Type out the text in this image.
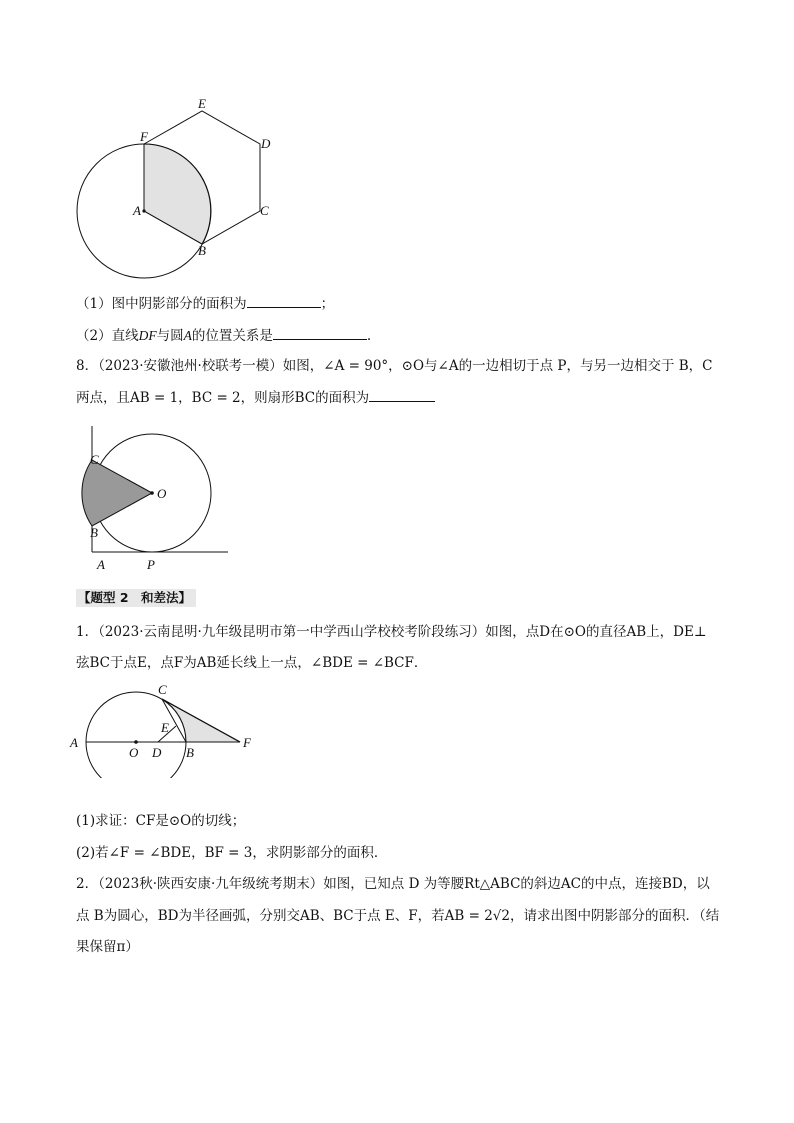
E
F	D
A	C
B
（1）图中阴影部分的面积为	；
（2）直线DF与圆A的位置关系是	.
8．（2023·安徽池州·校联考一模）如图，∠A = 90°，⊙O与∠A的一边相切于点 P，与另一边相交于 B，C
两点，且AB = 1，BC = 2，则扇形BC的面积为
C
O
B
A	P
【题型 2　和差法】
1．（2023·云南昆明·九年级昆明市第一中学西山学校校考阶段练习）如图，点D在⊙O的直径AB上，DE⊥
弦BC于点E，点F为AB延长线上一点，∠BDE = ∠BCF．
A
O D B
F
C
E
(1)求证：CF是⊙O的切线；
(2)若∠F = ∠BDE，BF = 3，求阴影部分的面积．
2．（2023秋·陕西安康·九年级统考期末）如图，已知点 D 为等腰Rt△ABC的斜边AC的中点，连接BD，以
点 B为圆心，BD为半径画弧，分别交AB、BC于点 E、F，若AB = 2√2，请求出图中阴影部分的面积．（结
果保留π）
